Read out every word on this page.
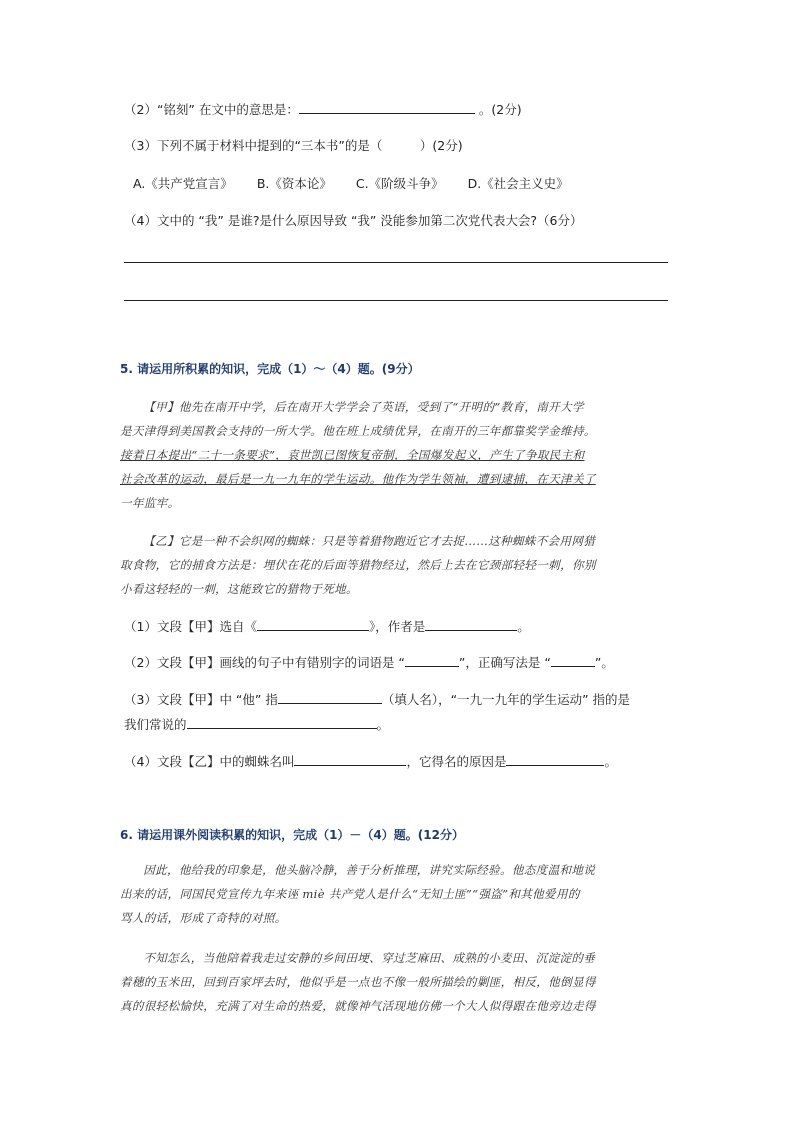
（2）“铭刻” 在文中的意思是：	。(2分)
（3）下列不属于材料中提到的“三本书”的是（　　　）(2分)
A.《共产党宣言》 B.《资本论》 C.《阶级斗争》 D.《社会主义史》
（4）文中的 “我” 是谁?是什么原因导致 “我” 没能参加第二次党代表大会?（6分）
5. 请运用所积累的知识，完成（1）～（4）题。(9分）
【甲】他先在南开中学，后在南开大学学会了英语，受到了“开明的”教育，南开大学
是天津得到美国教会支持的一所大学。他在班上成绩优异，在南开的三年都靠奖学金维持。
接着日本提出“二十一条要求”，袁世凯已图恢复帝制，全国爆发起义，产生了争取民主和
社会改革的运动，最后是一九一九年的学生运动。他作为学生领袖，遭到逮捕，在天津关了
一年监牢。
【乙】它是一种不会织网的蜘蛛：只是等着猎物跑近它才去捉……这种蜘蛛不会用网猎
取食物，它的捕食方法是：埋伏在花的后面等猎物经过，然后上去在它颈部轻轻一刺，你别
小看这轻轻的一刺，这能致它的猎物于死地。
（1）文段【甲】选自《	》，作者是	。
（2）文段【甲】画线的句子中有错别字的词语是 “	”，正确写法是 “	”。
（3）文段【甲】中 “他” 指	（填人名），“一九一九年的学生运动” 指的是
我们常说的	。
（4）文段【乙】中的蜘蛛名叫	，它得名的原因是	。
6. 请运用课外阅读积累的知识，完成（1）－（4）题。(12分）
因此，他给我的印象是，他头脑冷静，善于分析推理，讲究实际经验。他态度温和地说
出来的话，同国民党宣传九年来诬 miè 共产党人是什么“无知土匪”“强盗”和其他爱用的
骂人的话，形成了奇特的对照。
不知怎么，当他陪着我走过安静的乡间田埂、穿过芝麻田、成熟的小麦田、沉淀淀的垂
着穗的玉米田，回到百家坪去时，他似乎是一点也不像一般所描绘的剿匪，相反，他倒显得
真的很轻松愉快，充满了对生命的热爱，就像神气活现地仿佛一个大人似得跟在他旁边走得
